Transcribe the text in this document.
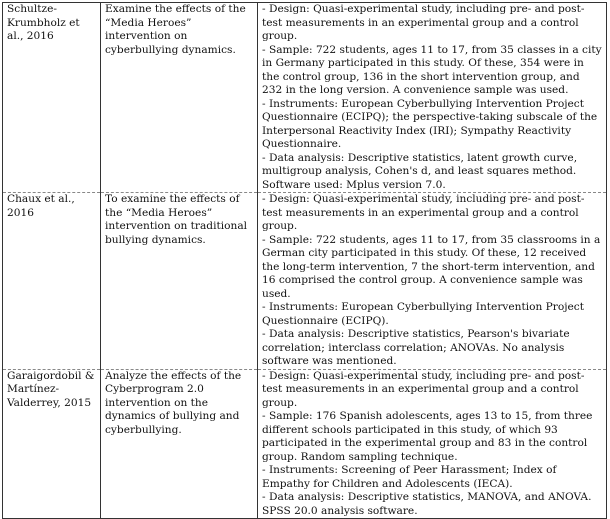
Schultze-Krumbholz et al., 2016	Examine the effects of the “Media Heroes” intervention on cyberbullying dynamics.	- Design: Quasi-experimental study, including pre- and post-test measurements in an experimental group and a control group.
- Sample: 722 students, ages 11 to 17, from 35 classes in a city in Germany participated in this study. Of these, 354 were in the control group, 136 in the short intervention group, and 232 in the long version. A convenience sample was used.
- Instruments: European Cyberbullying Intervention Project Questionnaire (ECIPQ); the perspective-taking subscale of the Interpersonal Reactivity Index (IRI); Sympathy Reactivity Questionnaire.
- Data analysis: Descriptive statistics, latent growth curve, multigroup analysis, Cohen's d, and least squares method. Software used: Mplus version 7.0.

Chaux et al., 2016	To examine the effects of the “Media Heroes” intervention on traditional bullying dynamics.	- Design: Quasi-experimental study, including pre- and post-test measurements in an experimental group and a control group.
- Sample: 722 students, ages 11 to 17, from 35 classrooms in a German city participated in this study. Of these, 12 received the long-term intervention, 7 the short-term intervention, and 16 comprised the control group. A convenience sample was used.
- Instruments: European Cyberbullying Intervention Project Questionnaire (ECIPQ).
- Data analysis: Descriptive statistics, Pearson's bivariate correlation; interclass correlation; ANOVAs. No analysis software was mentioned.

Garaigordobil & Martínez-Valderrey, 2015	Analyze the effects of the Cyberprogram 2.0 intervention on the dynamics of bullying and cyberbullying.	- Design: Quasi-experimental study, including pre- and post-test measurements in an experimental group and a control group.
- Sample: 176 Spanish adolescents, ages 13 to 15, from three different schools participated in this study, of which 93 participated in the experimental group and 83 in the control group. Random sampling technique.
- Instruments: Screening of Peer Harassment; Index of Empathy for Children and Adolescents (IECA).
- Data analysis: Descriptive statistics, MANOVA, and ANOVA. SPSS 20.0 analysis software.
